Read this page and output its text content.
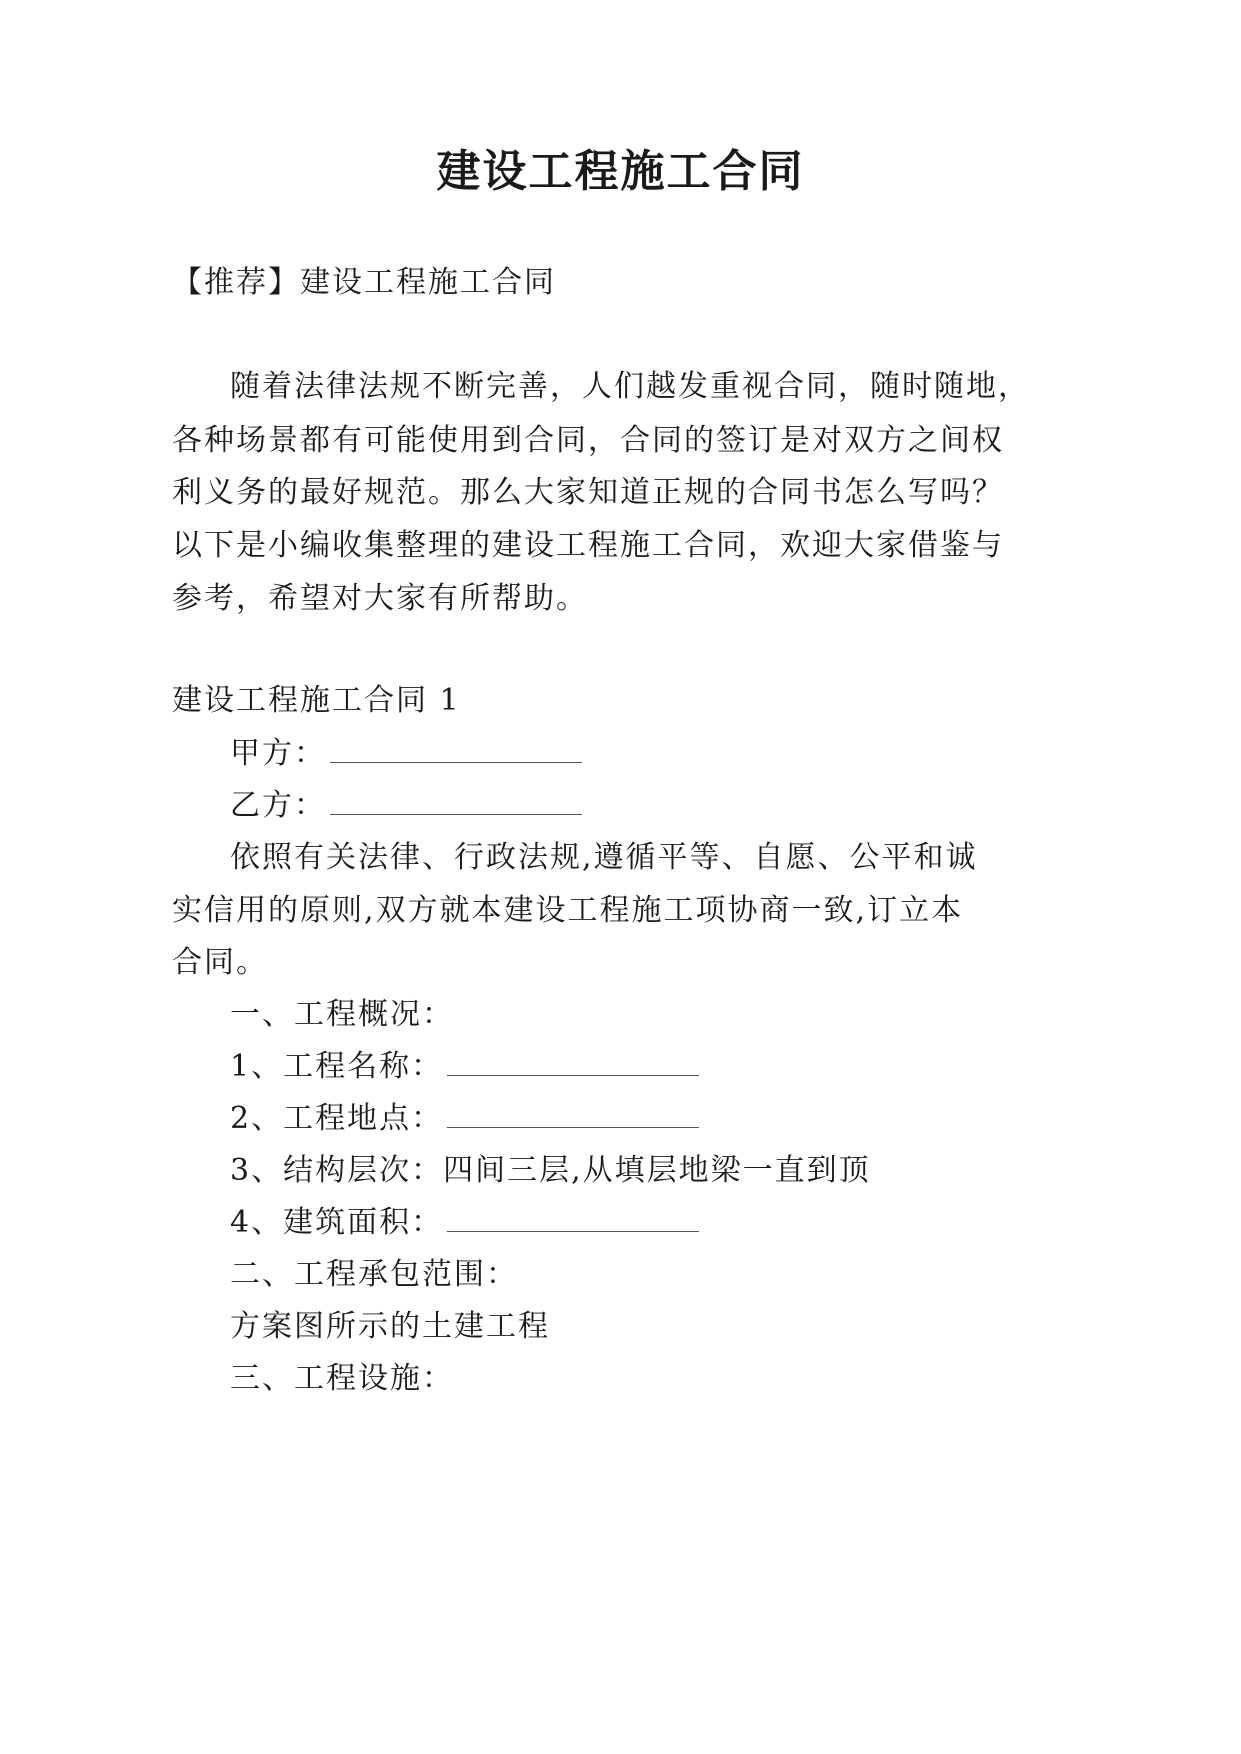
建设工程施工合同
【推荐】建设工程施工合同
随着法律法规不断完善，人们越发重视合同，随时随地，
各种场景都有可能使用到合同，合同的签订是对双方之间权
利义务的最好规范。那么大家知道正规的合同书怎么写吗？
以下是小编收集整理的建设工程施工合同，欢迎大家借鉴与
参考，希望对大家有所帮助。
建设工程施工合同 1
甲方：
乙方：
依照有关法律、行政法规,遵循平等、自愿、公平和诚
实信用的原则,双方就本建设工程施工项协商一致,订立本
合同。
一、工程概况：
1、工程名称：
2、工程地点：
3、结构层次：四间三层,从填层地梁一直到顶
4、建筑面积：
二、工程承包范围：
方案图所示的土建工程
三、工程设施：
